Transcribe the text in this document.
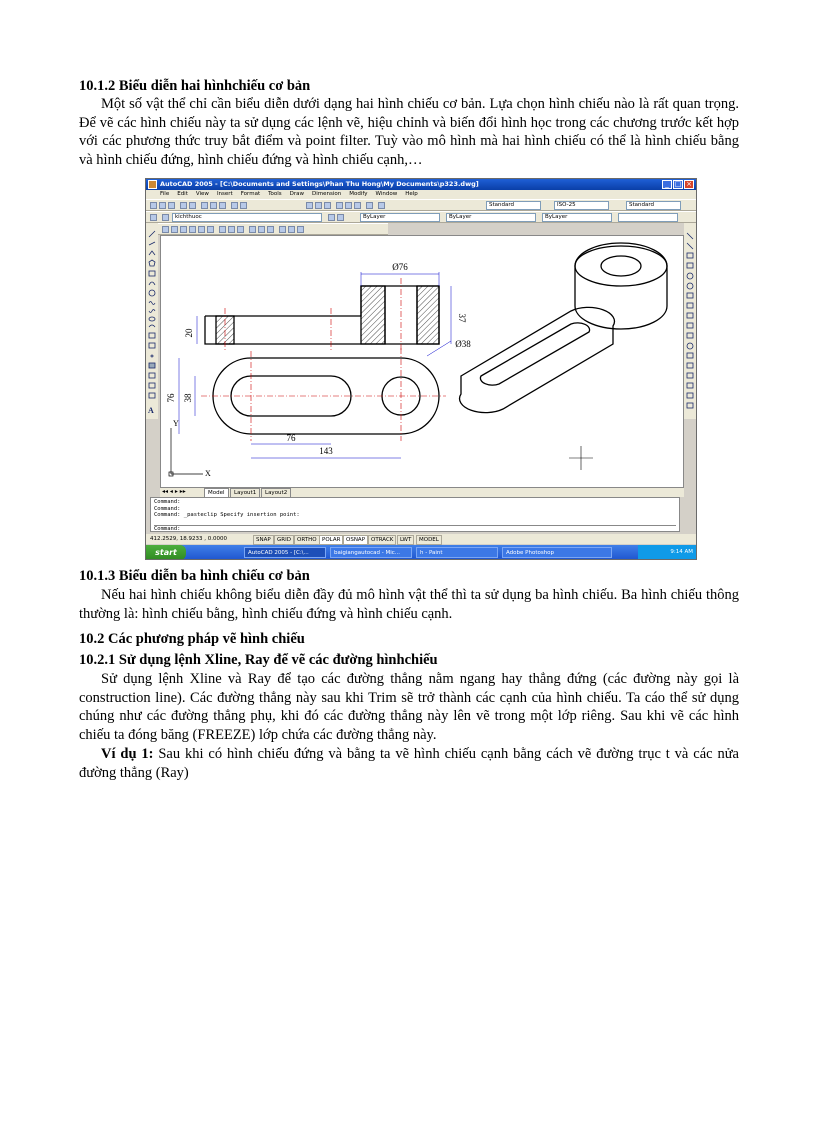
10.1.2 Biểu diễn hai hìnhchiếu cơ bản

Một số vật thể chỉ cần biểu diễn dưới dạng hai hình chiếu cơ bản. Lựa chọn hình chiếu nào là rất quan trọng. Để vẽ các hình chiếu này ta sử dụng các lệnh vẽ, hiệu chỉnh và biến đổi hình học trong các chương trước kết hợp với các phương thức truy bắt điểm và point filter. Tuỳ vào mô hình mà hai hình chiếu có thể là hình chiếu bằng và hình chiếu đứng, hình chiếu đứng và hình chiếu cạnh,…

AutoCAD 2005 - [C:\Documents and Settings\Phan Thu Hong\My Documents\p323.dwg]	_ □ ×
File Edit View Insert Format Tools Draw Dimension Modify Window Help
Standard	ISO-25	Standard
kichthuoc	ByLayer	ByLayer	ByLayer
A
Ø76
37
20
Ø38
76 38
76
143
Y
X
◂◂ ◂ ▸ ▸▸	Model	Layout1	Layout2
Command:
Command:
Command: _pasteclip Specify insertion point:
Command:
412.2529, 18.9233 , 0.0000	SNAP	GRID	ORTHO POLAR	OSNAP	OTRACK	LWT	MODEL
start	AutoCAD 2005 - [C:\...	baigiangautocad - Mic...	h - Paint	Adobe Photoshop	9:14 AM
10.1.3 Biểu diễn ba hình chiếu cơ bản

Nếu hai hình chiếu không biểu diễn đầy đủ mô hình vật thể thì ta sử dụng ba hình chiếu. Ba hình chiếu thông thường là: hình chiếu bằng, hình chiếu đứng và hình chiếu cạnh.

10.2 Các phương pháp vẽ hình chiếu
10.2.1 Sử dụng lệnh Xline, Ray để vẽ các đường hìnhchiếu

Sử dụng lệnh Xline và Ray để tạo các đường thẳng nằm ngang hay thẳng đứng (các đường này gọi là construction line). Các đường thẳng này sau khi Trim sẽ trở thành các cạnh của hình chiếu. Ta cáo thể sử dụng chúng như các đường thẳng phụ, khi đó các đường thẳng này lên vẽ trong một lớp riêng. Sau khi vẽ các hình chiếu ta đóng băng (FREEZE) lớp chứa các đường thẳng này.

Ví dụ 1: Sau khi có hình chiếu đứng và bằng ta vẽ hình chiếu cạnh bằng cách vẽ đường trục t và các nửa đường thẳng (Ray)
